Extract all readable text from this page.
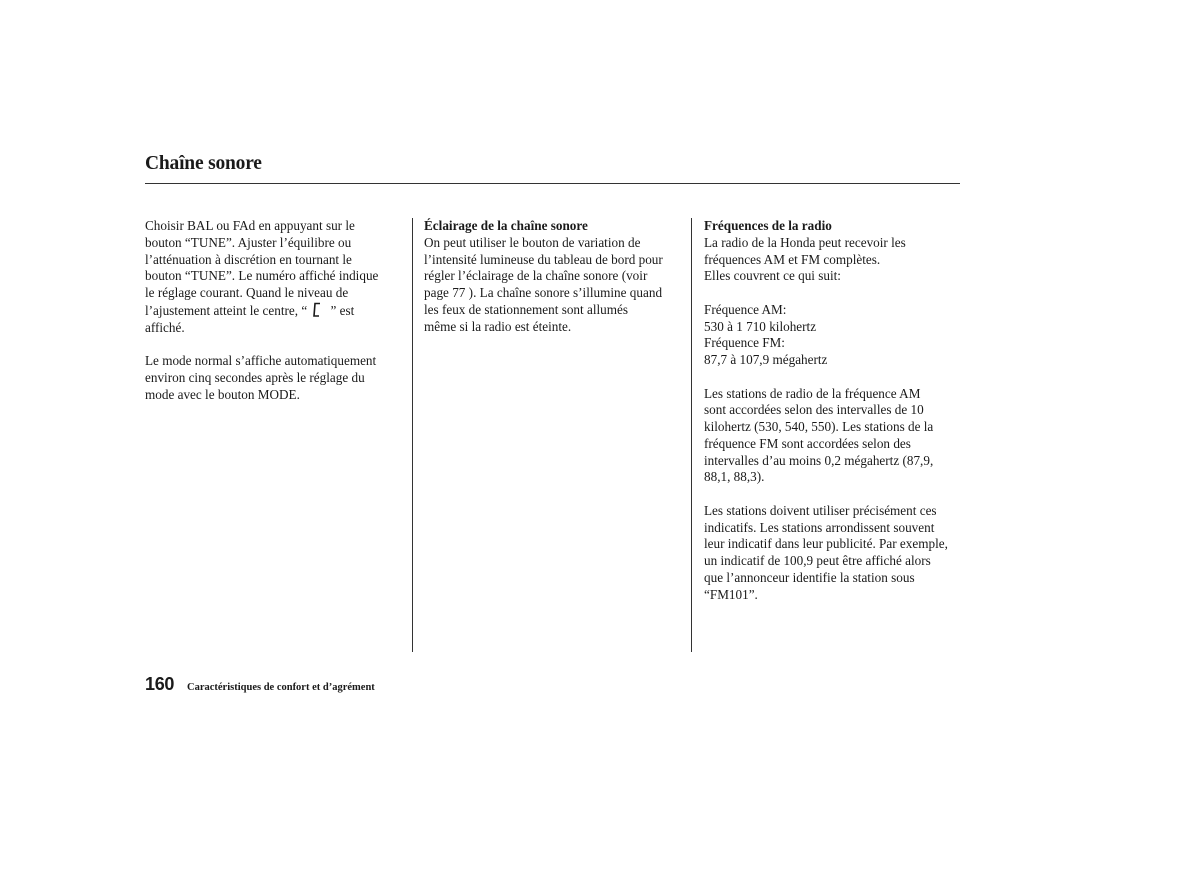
Chaîne sonore

Choisir BAL ou FAd en appuyant sur le
bouton “TUNE”. Ajuster l’équilibre ou
l’atténuation à discrétion en tournant le
bouton “TUNE”. Le numéro affiché indique
le réglage courant. Quand le niveau de
l’ajustement atteint le centre, “
” est
affiché.

Le mode normal s’affiche automatiquement
environ cinq secondes après le réglage du
mode avec le bouton MODE.

Éclairage de la chaîne sonore

On peut utiliser le bouton de variation de
l’intensité lumineuse du tableau de bord pour
régler l’éclairage de la chaîne sonore (voir
page 77 ). La chaîne sonore s’illumine quand
les feux de stationnement sont allumés
même si la radio est éteinte.

Fréquences de la radio

La radio de la Honda peut recevoir les
fréquences AM et FM complètes.
Elles couvrent ce qui suit:

Fréquence AM:
530 à 1 710 kilohertz
Fréquence FM:
87,7 à 107,9 mégahertz

Les stations de radio de la fréquence AM
sont accordées selon des intervalles de 10
kilohertz (530, 540, 550). Les stations de la
fréquence FM sont accordées selon des
intervalles d’au moins 0,2 mégahertz (87,9,
88,1, 88,3).

Les stations doivent utiliser précisément ces
indicatifs. Les stations arrondissent souvent
leur indicatif dans leur publicité. Par exemple,
un indicatif de 100,9 peut être affiché alors
que l’annonceur identifie la station sous
“FM101”.

160 Caractéristiques de confort et d’agrément
